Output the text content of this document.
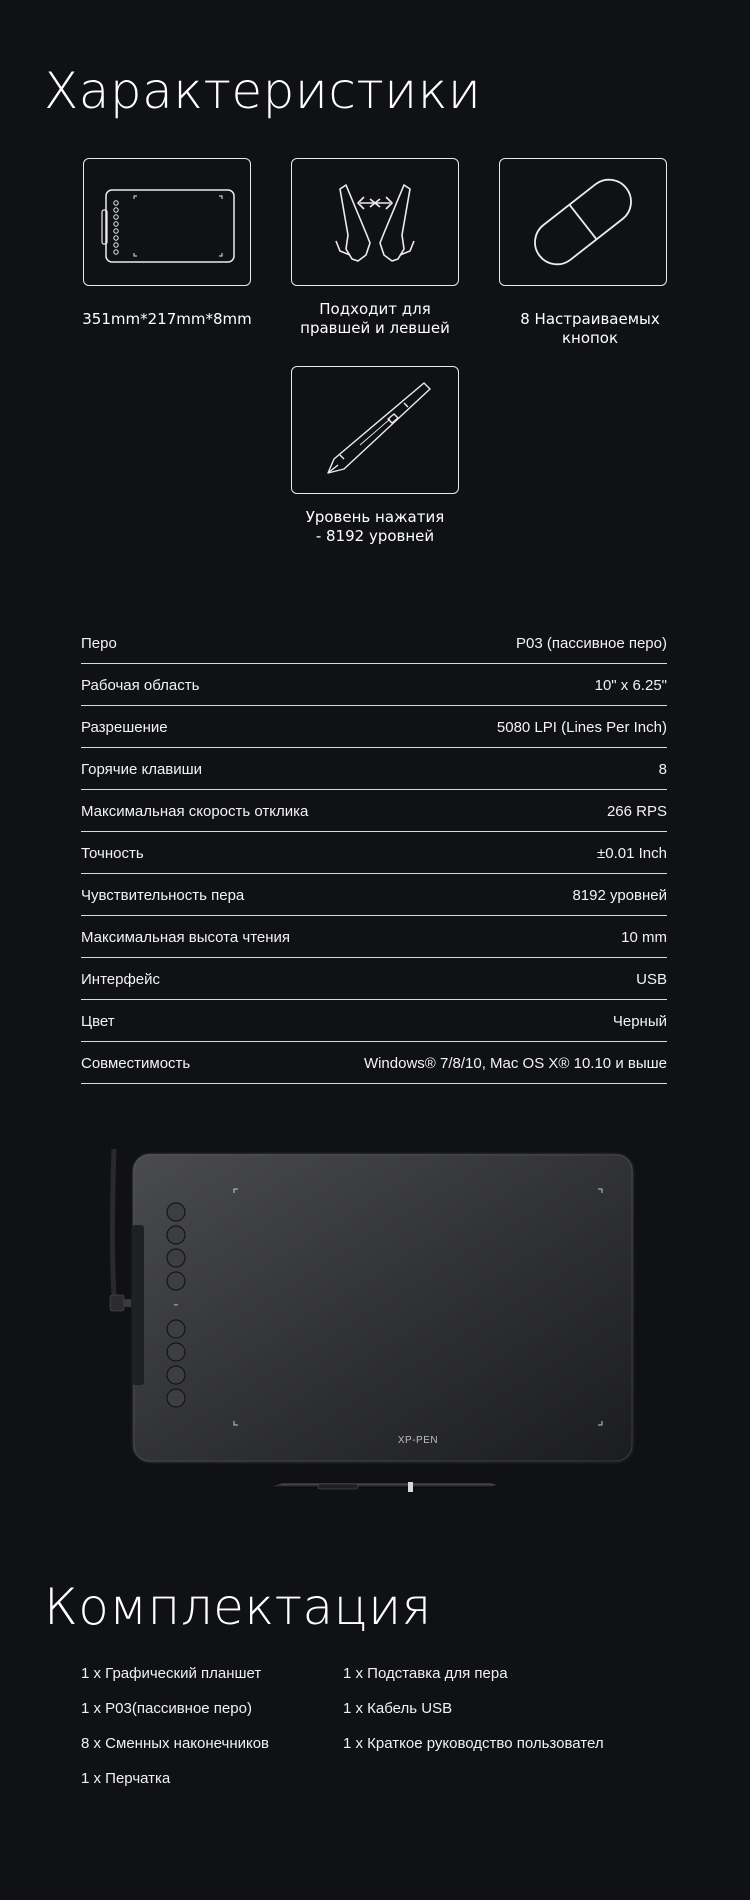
Характеристики
351mm*217mm*8mm
Подходит для
правшей и левшей	8 Настраиваемых кнопок
Уровень нажатия
- 8192 уровней
Перо	P03 (пассивное перо)
Рабочая область	10" x 6.25"
Разрешение	5080 LPI (Lines Per Inch)
Горячие клавиши	8
Максимальная скорость отклика	266 RPS
Точность	±0.01 Inch
Чувствительность пера	8192 уровней
Максимальная высота чтения	10 mm
Интерфейс	USB
Цвет	Черный
Совместимость	Windows® 7/8/10, Mac OS X® 10.10 и выше
XP-PEN
Комплектация
1 x Графический планшет
1 x P03(пассивное перо)
8 x Сменных наконечников
1 x Перчатка
1 x Подставка для пера
1 x Кабель USB
1 x Краткое руководство пользовател
